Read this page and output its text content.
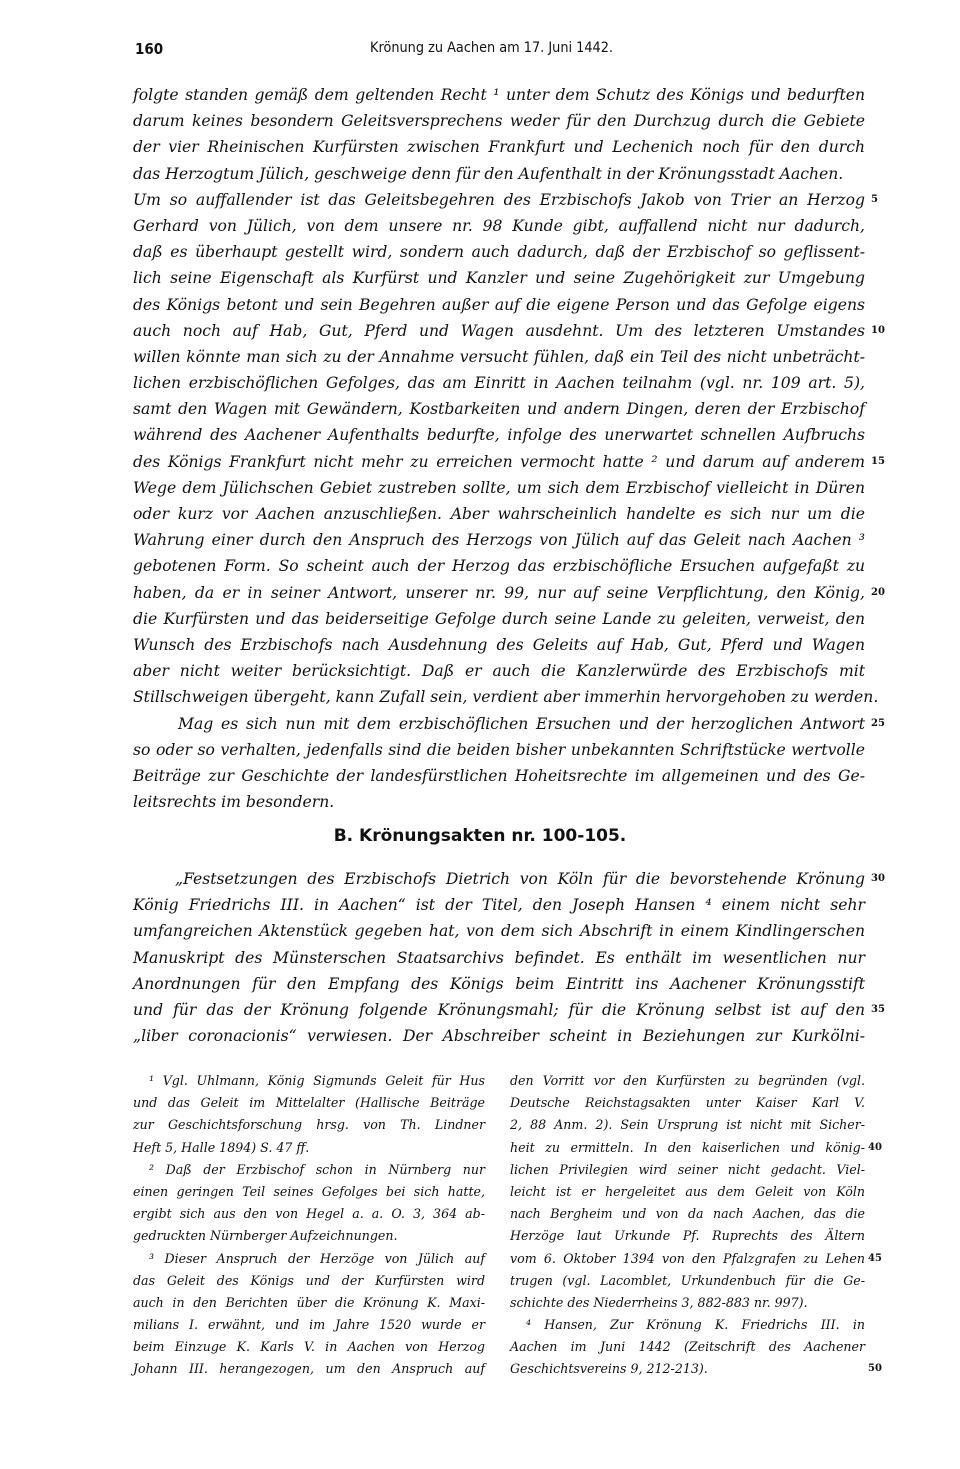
160	Krönung zu Aachen am 17. Juni 1442.
folgte standen gemäß dem geltenden Recht ¹ unter dem Schutz des Königs und bedurften
darum keines besondern Geleitsversprechens weder für den Durchzug durch die Gebiete
der vier Rheinischen Kurfürsten zwischen Frankfurt und Lechenich noch für den durch
das Herzogtum Jülich, geschweige denn für den Aufenthalt in der Krönungsstadt Aachen.
Um so auffallender ist das Geleitsbegehren des Erzbischofs Jakob von Trier an Herzog 5
Gerhard von Jülich, von dem unsere nr. 98 Kunde gibt, auffallend nicht nur dadurch,
daß es überhaupt gestellt wird, sondern auch dadurch, daß der Erzbischof so geflissent-
lich seine Eigenschaft als Kurfürst und Kanzler und seine Zugehörigkeit zur Umgebung
des Königs betont und sein Begehren außer auf die eigene Person und das Gefolge eigens
auch noch auf Hab, Gut, Pferd und Wagen ausdehnt. Um des letzteren Umstandes 10
willen könnte man sich zu der Annahme versucht fühlen, daß ein Teil des nicht unbeträcht-
lichen erzbischöflichen Gefolges, das am Einritt in Aachen teilnahm (vgl. nr. 109 art. 5),
samt den Wagen mit Gewändern, Kostbarkeiten und andern Dingen, deren der Erzbischof
während des Aachener Aufenthalts bedurfte, infolge des unerwartet schnellen Aufbruchs
des Königs Frankfurt nicht mehr zu erreichen vermocht hatte ² und darum auf anderem 15
Wege dem Jülichschen Gebiet zustreben sollte, um sich dem Erzbischof vielleicht in Düren
oder kurz vor Aachen anzuschließen. Aber wahrscheinlich handelte es sich nur um die
Wahrung einer durch den Anspruch des Herzogs von Jülich auf das Geleit nach Aachen ³
gebotenen Form. So scheint auch der Herzog das erzbischöfliche Ersuchen aufgefaßt zu
haben, da er in seiner Antwort, unserer nr. 99, nur auf seine Verpflichtung, den König, 20
die Kurfürsten und das beiderseitige Gefolge durch seine Lande zu geleiten, verweist, den
Wunsch des Erzbischofs nach Ausdehnung des Geleits auf Hab, Gut, Pferd und Wagen
aber nicht weiter berücksichtigt. Daß er auch die Kanzlerwürde des Erzbischofs mit
Stillschweigen übergeht, kann Zufall sein, verdient aber immerhin hervorgehoben zu werden.
Mag es sich nun mit dem erzbischöflichen Ersuchen und der herzoglichen Antwort 25
so oder so verhalten, jedenfalls sind die beiden bisher unbekannten Schriftstücke wertvolle
Beiträge zur Geschichte der landesfürstlichen Hoheitsrechte im allgemeinen und des Ge-
leitsrechts im besondern.
B. Krönungsakten nr. 100-105.
„Festsetzungen des Erzbischofs Dietrich von Köln für die bevorstehende Krönung 30
König Friedrichs III. in Aachen“ ist der Titel, den Joseph Hansen ⁴ einem nicht sehr
umfangreichen Aktenstück gegeben hat, von dem sich Abschrift in einem Kindlingerschen
Manuskript des Münsterschen Staatsarchivs befindet. Es enthält im wesentlichen nur
Anordnungen für den Empfang des Königs beim Eintritt ins Aachener Krönungsstift
und für das der Krönung folgende Krönungsmahl; für die Krönung selbst ist auf den 35
„liber coronacionis“ verwiesen. Der Abschreiber scheint in Beziehungen zur Kurkölni-
¹ Vgl. Uhlmann, König Sigmunds Geleit für Hus
und das Geleit im Mittelalter (Hallische Beiträge
zur Geschichtsforschung hrsg. von Th. Lindner
Heft 5, Halle 1894) S. 47 ff.
² Daß der Erzbischof schon in Nürnberg nur
einen geringen Teil seines Gefolges bei sich hatte,
ergibt sich aus den von Hegel a. a. O. 3, 364 ab-
gedruckten Nürnberger Aufzeichnungen.
³ Dieser Anspruch der Herzöge von Jülich auf
das Geleit des Königs und der Kurfürsten wird
auch in den Berichten über die Krönung K. Maxi-
milians I. erwähnt, und im Jahre 1520 wurde er
beim Einzuge K. Karls V. in Aachen von Herzog
Johann III. herangezogen, um den Anspruch auf
den Vorritt vor den Kurfürsten zu begründen (vgl.
Deutsche Reichstagsakten unter Kaiser Karl V.
2, 88 Anm. 2). Sein Ursprung ist nicht mit Sicher-
heit zu ermitteln. In den kaiserlichen und könig- 40
lichen Privilegien wird seiner nicht gedacht. Viel-
leicht ist er hergeleitet aus dem Geleit von Köln
nach Bergheim und von da nach Aachen, das die
Herzöge laut Urkunde Pf. Ruprechts des Ältern
vom 6. Oktober 1394 von den Pfalzgrafen zu Lehen 45
trugen (vgl. Lacomblet, Urkundenbuch für die Ge-
schichte des Niederrheins 3, 882-883 nr. 997).
⁴ Hansen, Zur Krönung K. Friedrichs III. in
Aachen im Juni 1442 (Zeitschrift des Aachener
Geschichtsvereins 9, 212-213).	50
